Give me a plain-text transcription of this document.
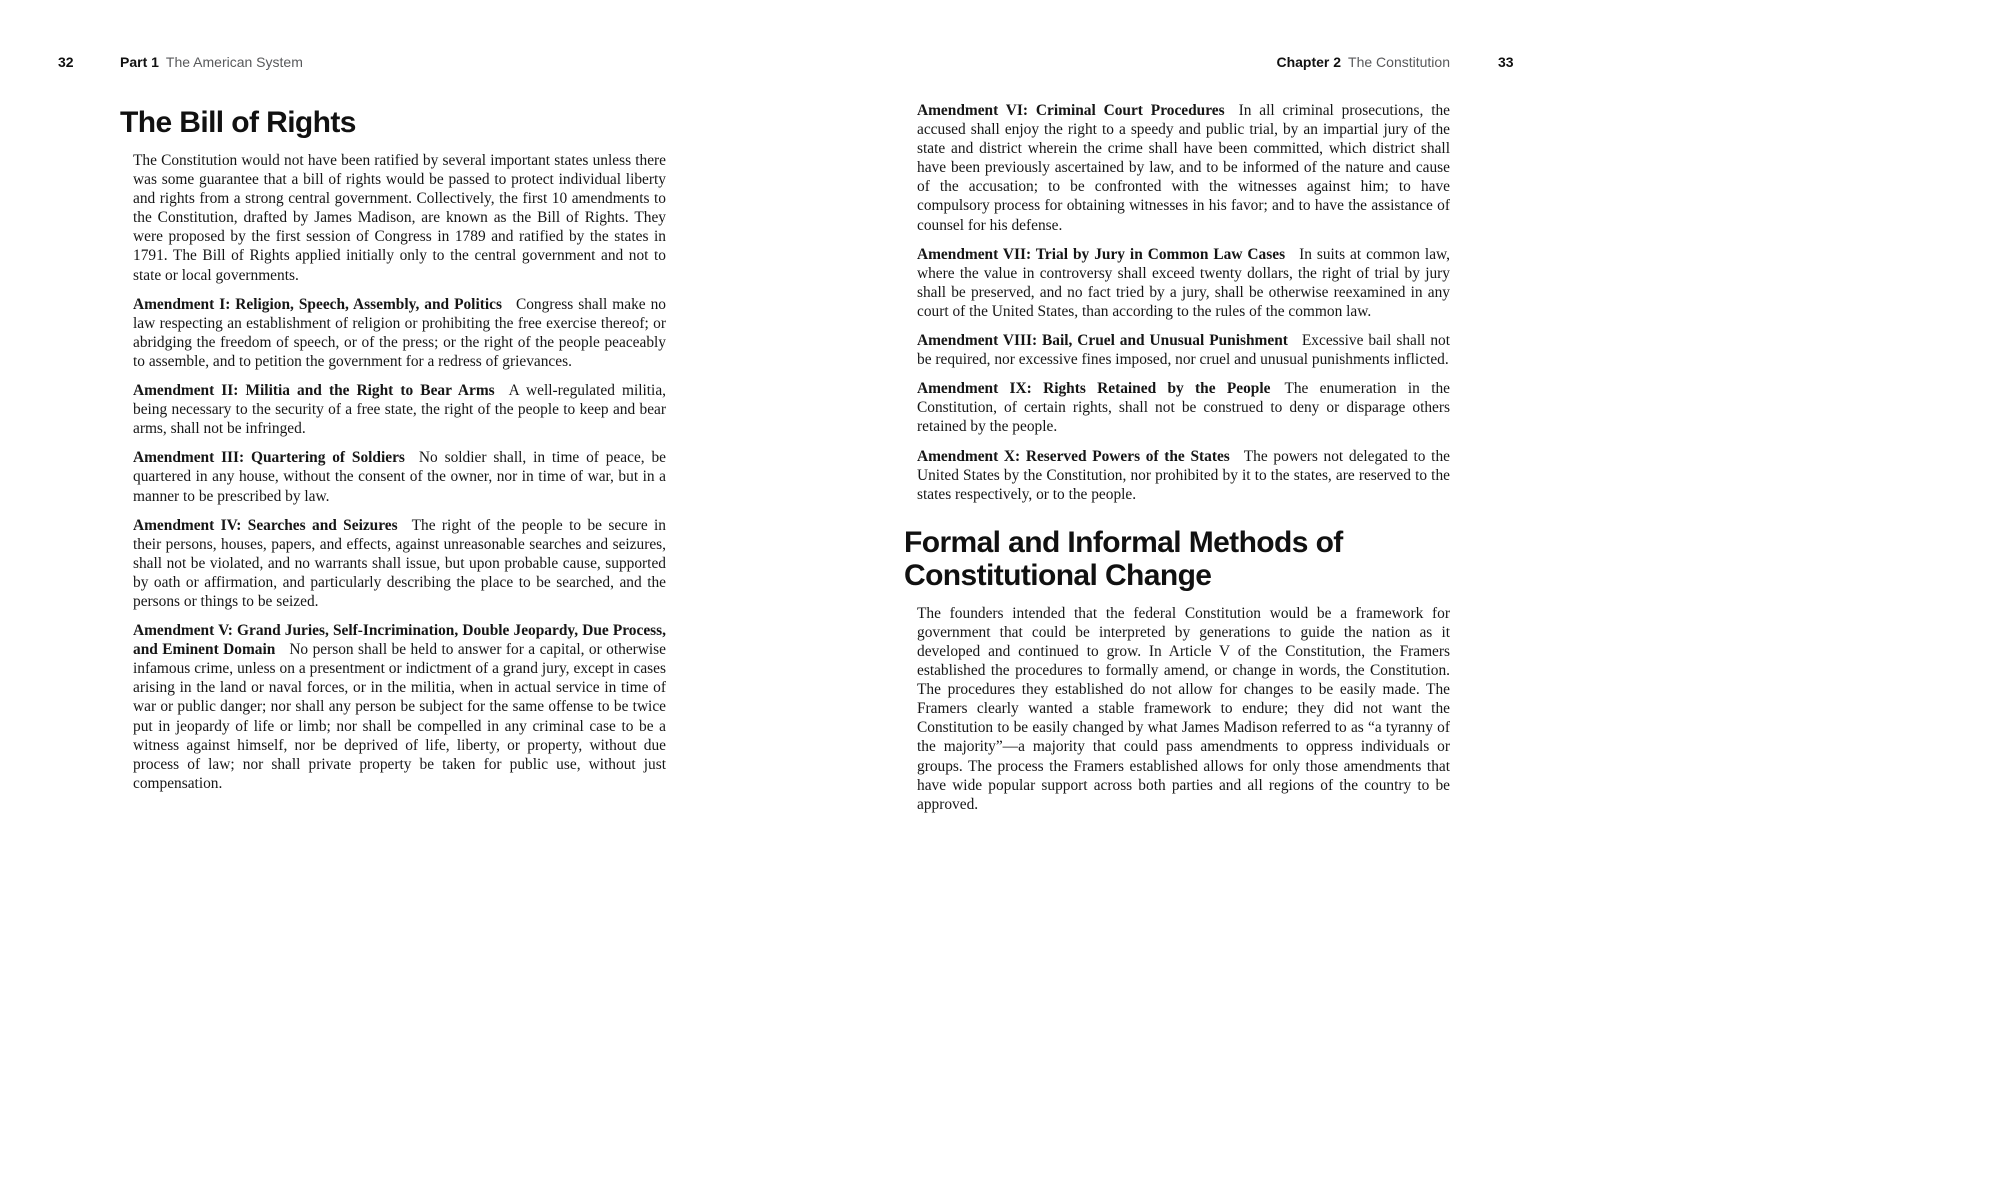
32	Part 1 The American System	Chapter 2 The Constitution	33
The Bill of Rights

The Constitution would not have been ratified by several important states unless there was some guarantee that a bill of rights would be passed to protect individual liberty and rights from a strong central government. Collectively, the first 10 amendments to the Constitution, drafted by James Madison, are known as the Bill of Rights. They were proposed by the first session of Congress in 1789 and ratified by the states in 1791. The Bill of Rights applied initially only to the central government and not to state or local governments.

Amendment I: Religion, Speech, Assembly, and Politics Congress shall make no law respecting an establishment of religion or prohibiting the free exercise thereof; or abridging the freedom of speech, or of the press; or the right of the people peaceably to assemble, and to petition the government for a redress of grievances.

Amendment II: Militia and the Right to Bear Arms A well-regulated militia, being necessary to the security of a free state, the right of the people to keep and bear arms, shall not be infringed.

Amendment III: Quartering of Soldiers No soldier shall, in time of peace, be quartered in any house, without the consent of the owner, nor in time of war, but in a manner to be prescribed by law.

Amendment IV: Searches and Seizures The right of the people to be secure in their persons, houses, papers, and effects, against unreasonable searches and seizures, shall not be violated, and no warrants shall issue, but upon probable cause, supported by oath or affirmation, and particularly describing the place to be searched, and the persons or things to be seized.

Amendment V: Grand Juries, Self-Incrimination, Double Jeopardy, Due Process, and Eminent Domain No person shall be held to answer for a capital, or otherwise infamous crime, unless on a presentment or indictment of a grand jury, except in cases arising in the land or naval forces, or in the militia, when in actual service in time of war or public danger; nor shall any person be subject for the same offense to be twice put in jeopardy of life or limb; nor shall be compelled in any criminal case to be a witness against himself, nor be deprived of life, liberty, or property, without due process of law; nor shall private property be taken for public use, without just compensation.

Amendment VI: Criminal Court Procedures In all criminal prosecutions, the accused shall enjoy the right to a speedy and public trial, by an impartial jury of the state and district wherein the crime shall have been committed, which district shall have been previously ascertained by law, and to be informed of the nature and cause of the accusation; to be confronted with the witnesses against him; to have compulsory process for obtaining witnesses in his favor; and to have the assistance of counsel for his defense.

Amendment VII: Trial by Jury in Common Law Cases In suits at common law, where the value in controversy shall exceed twenty dollars, the right of trial by jury shall be preserved, and no fact tried by a jury, shall be otherwise reexamined in any court of the United States, than according to the rules of the common law.

Amendment VIII: Bail, Cruel and Unusual Punishment Excessive bail shall not be required, nor excessive fines imposed, nor cruel and unusual punishments inflicted.

Amendment IX: Rights Retained by the People The enumeration in the Constitution, of certain rights, shall not be construed to deny or disparage others retained by the people.

Amendment X: Reserved Powers of the States The powers not delegated to the United States by the Constitution, nor prohibited by it to the states, are reserved to the states respectively, or to the people.

Formal and Informal Methods of Constitutional Change

The founders intended that the federal Constitution would be a framework for government that could be interpreted by generations to guide the nation as it developed and continued to grow. In Article V of the Constitution, the Framers established the procedures to formally amend, or change in words, the Constitution. The procedures they established do not allow for changes to be easily made. The Framers clearly wanted a stable framework to endure; they did not want the Constitution to be easily changed by what James Madison referred to as “a tyranny of the majority”—a majority that could pass amendments to oppress individuals or groups. The process the Framers established allows for only those amendments that have wide popular support across both parties and all regions of the country to be approved.
